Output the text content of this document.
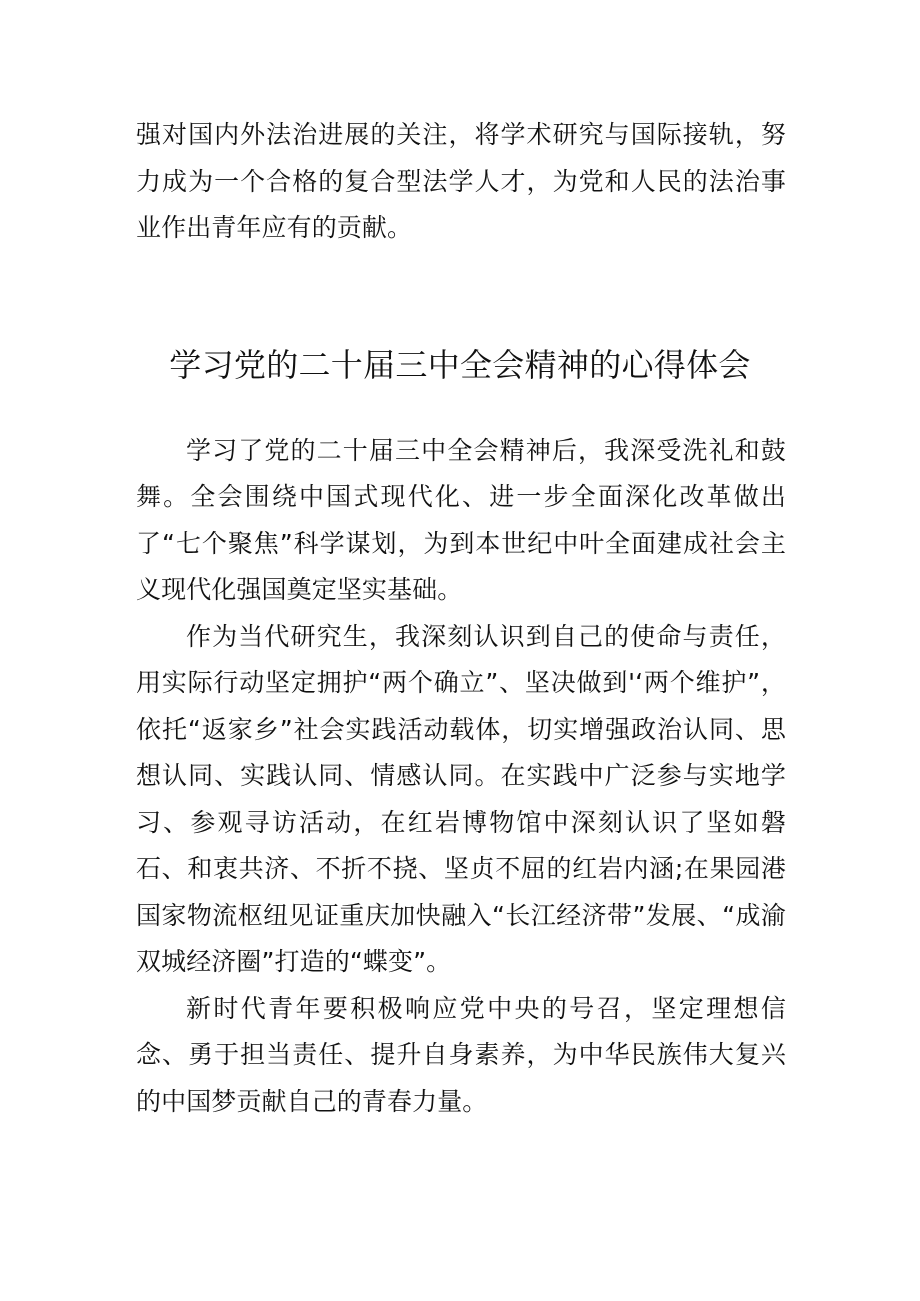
强对国内外法治进展的关注，将学术研究与国际接轨，努力成为一个合格的复合型法学人才，为党和人民的法治事业作出青年应有的贡献。

学习党的二十届三中全会精神的心得体会

学习了党的二十届三中全会精神后，我深受洗礼和鼓舞。全会围绕中国式现代化、进一步全面深化改革做出了“七个聚焦”科学谋划，为到本世纪中叶全面建成社会主义现代化强国奠定坚实基础。

作为当代研究生，我深刻认识到自己的使命与责任，用实际行动坚定拥护“两个确立”、坚决做到'‘两个维护”，依托“返家乡”社会实践活动载体，切实增强政治认同、思想认同、实践认同、情感认同。在实践中广泛参与实地学习、参观寻访活动，在红岩博物馆中深刻认识了坚如磐石、和衷共济、不折不挠、坚贞不屈的红岩内涵;在果园港国家物流枢纽见证重庆加快融入“长江经济带”发展、“成渝双城经济圈”打造的“蝶变”。

新时代青年要积极响应党中央的号召，坚定理想信念、勇于担当责任、提升自身素养，为中华民族伟大复兴的中国梦贡献自己的青春力量。
